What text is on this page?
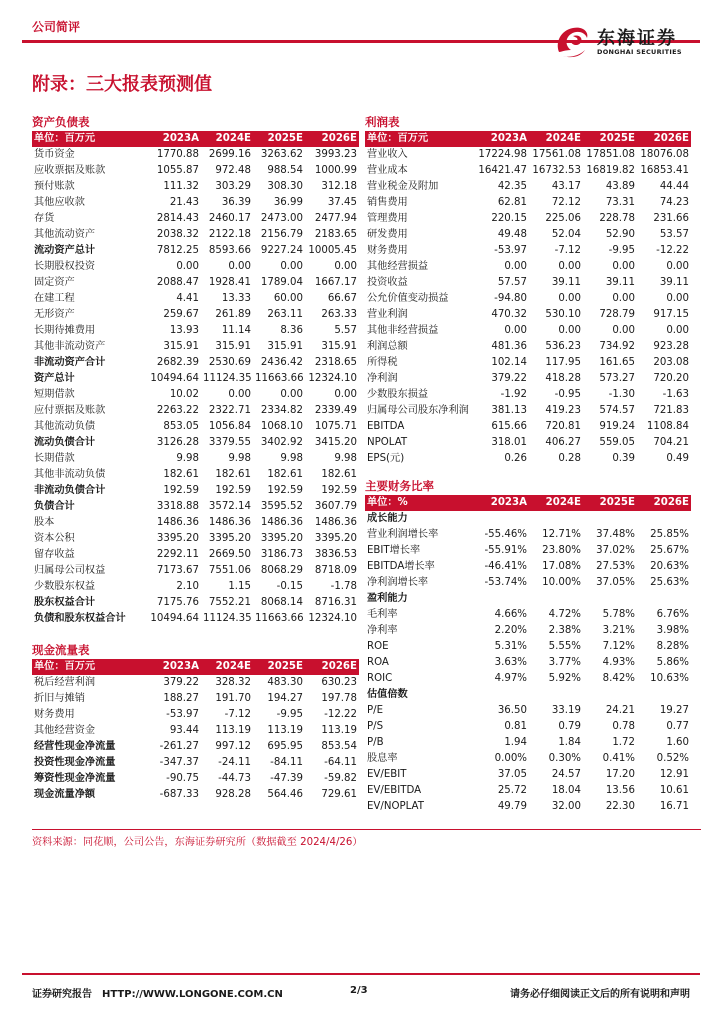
公司简评
东海证券
DONGHAI SECURITIES
附录：三大报表预测值
资产负债表
单位：百万元	2023A	2024E	2025E	2026E
货币资金	1770.88	2699.16	3263.62	3993.23
应收票据及账款	1055.87	972.48	988.54	1000.99
预付账款	111.32	303.29	308.30	312.18
其他应收款	21.43	36.39	36.99	37.45
存货	2814.43	2460.17	2473.00	2477.94
其他流动资产	2038.32	2122.18	2156.79	2183.65
流动资产总计	7812.25	8593.66	9227.24	10005.45
长期股权投资	0.00	0.00	0.00	0.00
固定资产	2088.47	1928.41	1789.04	1667.17
在建工程	4.41	13.33	60.00	66.67
无形资产	259.67	261.89	263.11	263.33
长期待摊费用	13.93	11.14	8.36	5.57
其他非流动资产	315.91	315.91	315.91	315.91
非流动资产合计	2682.39	2530.69	2436.42	2318.65
资产总计	10494.64	11124.35	11663.66	12324.10
短期借款	10.02	0.00	0.00	0.00
应付票据及账款	2263.22	2322.71	2334.82	2339.49
其他流动负债	853.05	1056.84	1068.10	1075.71
流动负债合计	3126.28	3379.55	3402.92	3415.20
长期借款	9.98	9.98	9.98	9.98
其他非流动负债	182.61	182.61	182.61	182.61
非流动负债合计	192.59	192.59	192.59	192.59
负债合计	3318.88	3572.14	3595.52	3607.79
股本	1486.36	1486.36	1486.36	1486.36
资本公积	3395.20	3395.20	3395.20	3395.20
留存收益	2292.11	2669.50	3186.73	3836.53
归属母公司权益	7173.67	7551.06	8068.29	8718.09
少数股东权益	2.10	1.15	-0.15	-1.78
股东权益合计	7175.76	7552.21	8068.14	8716.31
负债和股东权益合计	10494.64	11124.35	11663.66	12324.10
现金流量表
单位：百万元	2023A	2024E	2025E	2026E
税后经营利润	379.22	328.32	483.30	630.23
折旧与摊销	188.27	191.70	194.27	197.78
财务费用	-53.97	-7.12	-9.95	-12.22
其他经营资金	93.44	113.19	113.19	113.19
经营性现金净流量	-261.27	997.12	695.95	853.54
投资性现金净流量	-347.37	-24.11	-84.11	-64.11
筹资性现金净流量	-90.75	-44.73	-47.39	-59.82
现金流量净额	-687.33	928.28	564.46	729.61
利润表
单位：百万元	2023A	2024E	2025E	2026E
营业收入	17224.98	17561.08	17851.08	18076.08
营业成本	16421.47	16732.53	16819.82	16853.41
营业税金及附加	42.35	43.17	43.89	44.44
销售费用	62.81	72.12	73.31	74.23
管理费用	220.15	225.06	228.78	231.66
研发费用	49.48	52.04	52.90	53.57
财务费用	-53.97	-7.12	-9.95	-12.22
其他经营损益	0.00	0.00	0.00	0.00
投资收益	57.57	39.11	39.11	39.11
公允价值变动损益	-94.80	0.00	0.00	0.00
营业利润	470.32	530.10	728.79	917.15
其他非经营损益	0.00	0.00	0.00	0.00
利润总额	481.36	536.23	734.92	923.28
所得税	102.14	117.95	161.65	203.08
净利润	379.22	418.28	573.27	720.20
少数股东损益	-1.92	-0.95	-1.30	-1.63
归属母公司股东净利润	381.13	419.23	574.57	721.83
EBITDA	615.66	720.81	919.24	1108.84
NPOLAT	318.01	406.27	559.05	704.21
EPS(元)	0.26	0.28	0.39	0.49
主要财务比率
单位：%	2023A	2024E	2025E	2026E
成长能力				
营业利润增长率	-55.46%	12.71%	37.48%	25.85%
EBIT增长率	-55.91%	23.80%	37.02%	25.67%
EBITDA增长率	-46.41%	17.08%	27.53%	20.63%
净利润增长率	-53.74%	10.00%	37.05%	25.63%
盈利能力				
毛利率	4.66%	4.72%	5.78%	6.76%
净利率	2.20%	2.38%	3.21%	3.98%
ROE	5.31%	5.55%	7.12%	8.28%
ROA	3.63%	3.77%	4.93%	5.86%
ROIC	4.97%	5.92%	8.42%	10.63%
估值倍数				
P/E	36.50	33.19	24.21	19.27
P/S	0.81	0.79	0.78	0.77
P/B	1.94	1.84	1.72	1.60
股息率	0.00%	0.30%	0.41%	0.52%
EV/EBIT	37.05	24.57	17.20	12.91
EV/EBITDA	25.72	18.04	13.56	10.61
EV/NOPLAT	49.79	32.00	22.30	16.71
资料来源：同花顺，公司公告，东海证券研究所（数据截至 2024/4/26）
证券研究报告　HTTP://WWW.LONGONE.COM.CN	2/3	请务必仔细阅读正文后的所有说明和声明
